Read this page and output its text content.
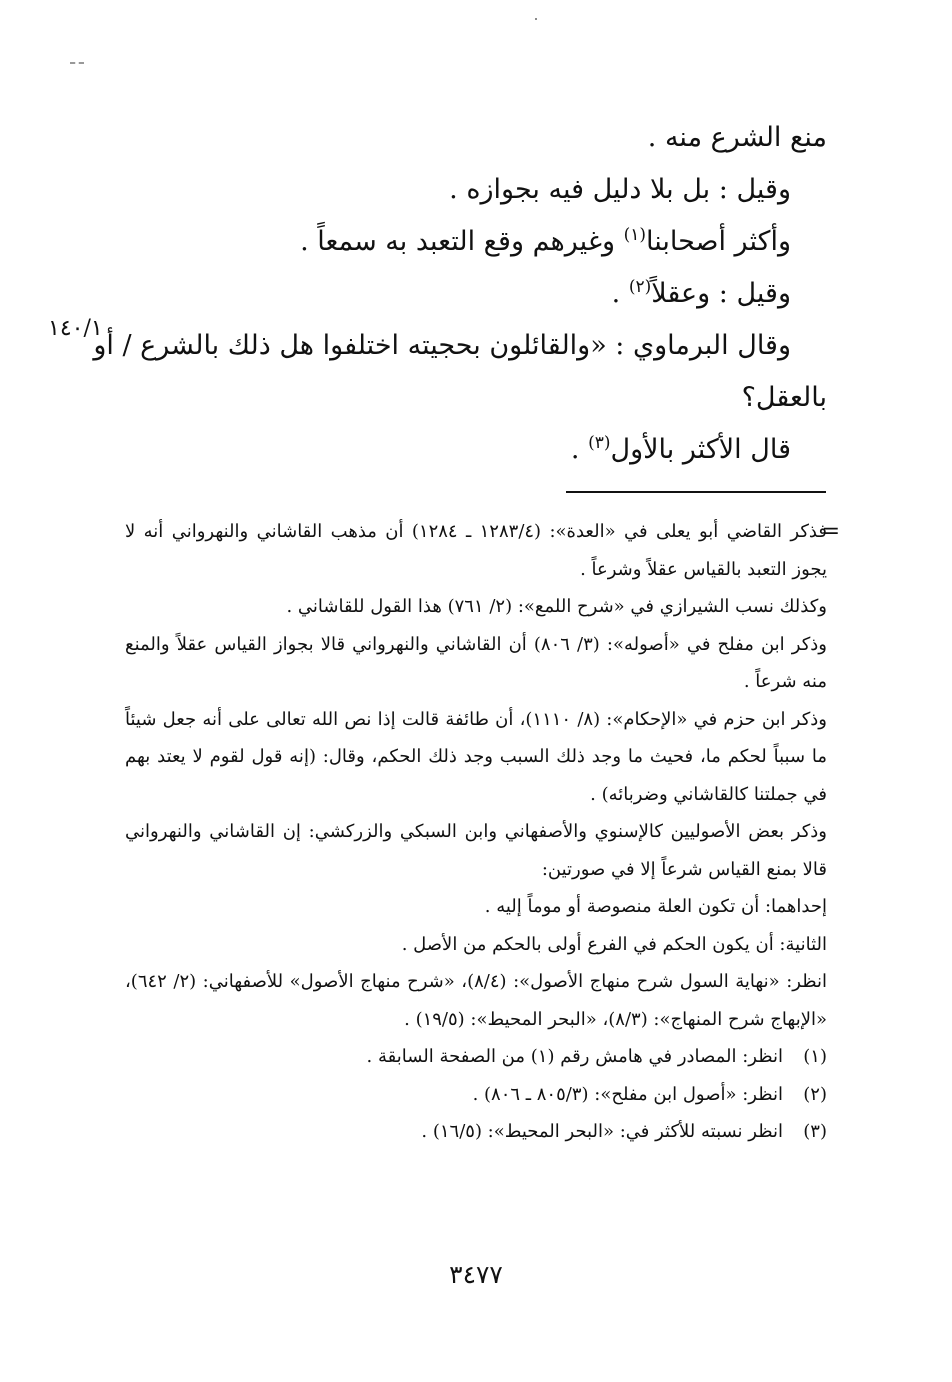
منع الشرع منه .
وقيل : بل بلا دليل فيه بجوازه .
وأكثر أصحابنا$^{(١)}$ وغيرهم وقع التعبد به سمعاً .
وقيل : وعقلاً$^{(٢)}$ .
وقال البرماوي : «والقائلون بحجيته اختلفوا هل ذلك بالشرع / أو
بالعقل؟
قال الأكثر بالأول$^{(٣)}$ .
١٤٠/١
=

فذكر القاضي أبو يعلى في «العدة»: (١٢٨٣/٤ ـ ١٢٨٤) أن مذهب القاشاني والنهرواني أنه لا يجوز التعبد بالقياس عقلاً وشرعاً .

وكذلك نسب الشيرازي في «شرح اللمع»: (٢/ ٧٦١) هذا القول للقاشاني .

وذكر ابن مفلح في «أصوله»: (٣/ ٨٠٦) أن القاشاني والنهرواني قالا بجواز القياس عقلاً والمنع منه شرعاً .

وذكر ابن حزم في «الإحكام»: (٨/ ١١١٠)، أن طائفة قالت إذا نص الله تعالى على أنه جعل شيئاً ما سبباً لحكم ما، فحيث ما وجد ذلك السبب وجد ذلك الحكم، وقال: (إنه قول لقوم لا يعتد بهم في جملتنا كالقاشاني وضربائه) .

وذكر بعض الأصوليين كالإسنوي والأصفهاني وابن السبكي والزركشي: إن القاشاني والنهرواني قالا بمنع القياس شرعاً إلا في صورتين:

إحداهما: أن تكون العلة منصوصة أو موماً إليه .

الثانية: أن يكون الحكم في الفرع أولى بالحكم من الأصل .

انظر: «نهاية السول شرح منهاج الأصول»: (٨/٤)، «شرح منهاج الأصول» للأصفهاني: (٢/ ٦٤٢)، «الإبهاج شرح المنهاج»: (٨/٣)، «البحر المحيط»: (١٩/٥) .

(١)انظر: المصادر في هامش رقم (١) من الصفحة السابقة .
(٢)انظر: «أصول ابن مفلح»: (٨٠٥/٣ ـ ٨٠٦) .
(٣)انظر نسبته للأكثر في: «البحر المحيط»: (١٦/٥) .
٣٤٧٧
